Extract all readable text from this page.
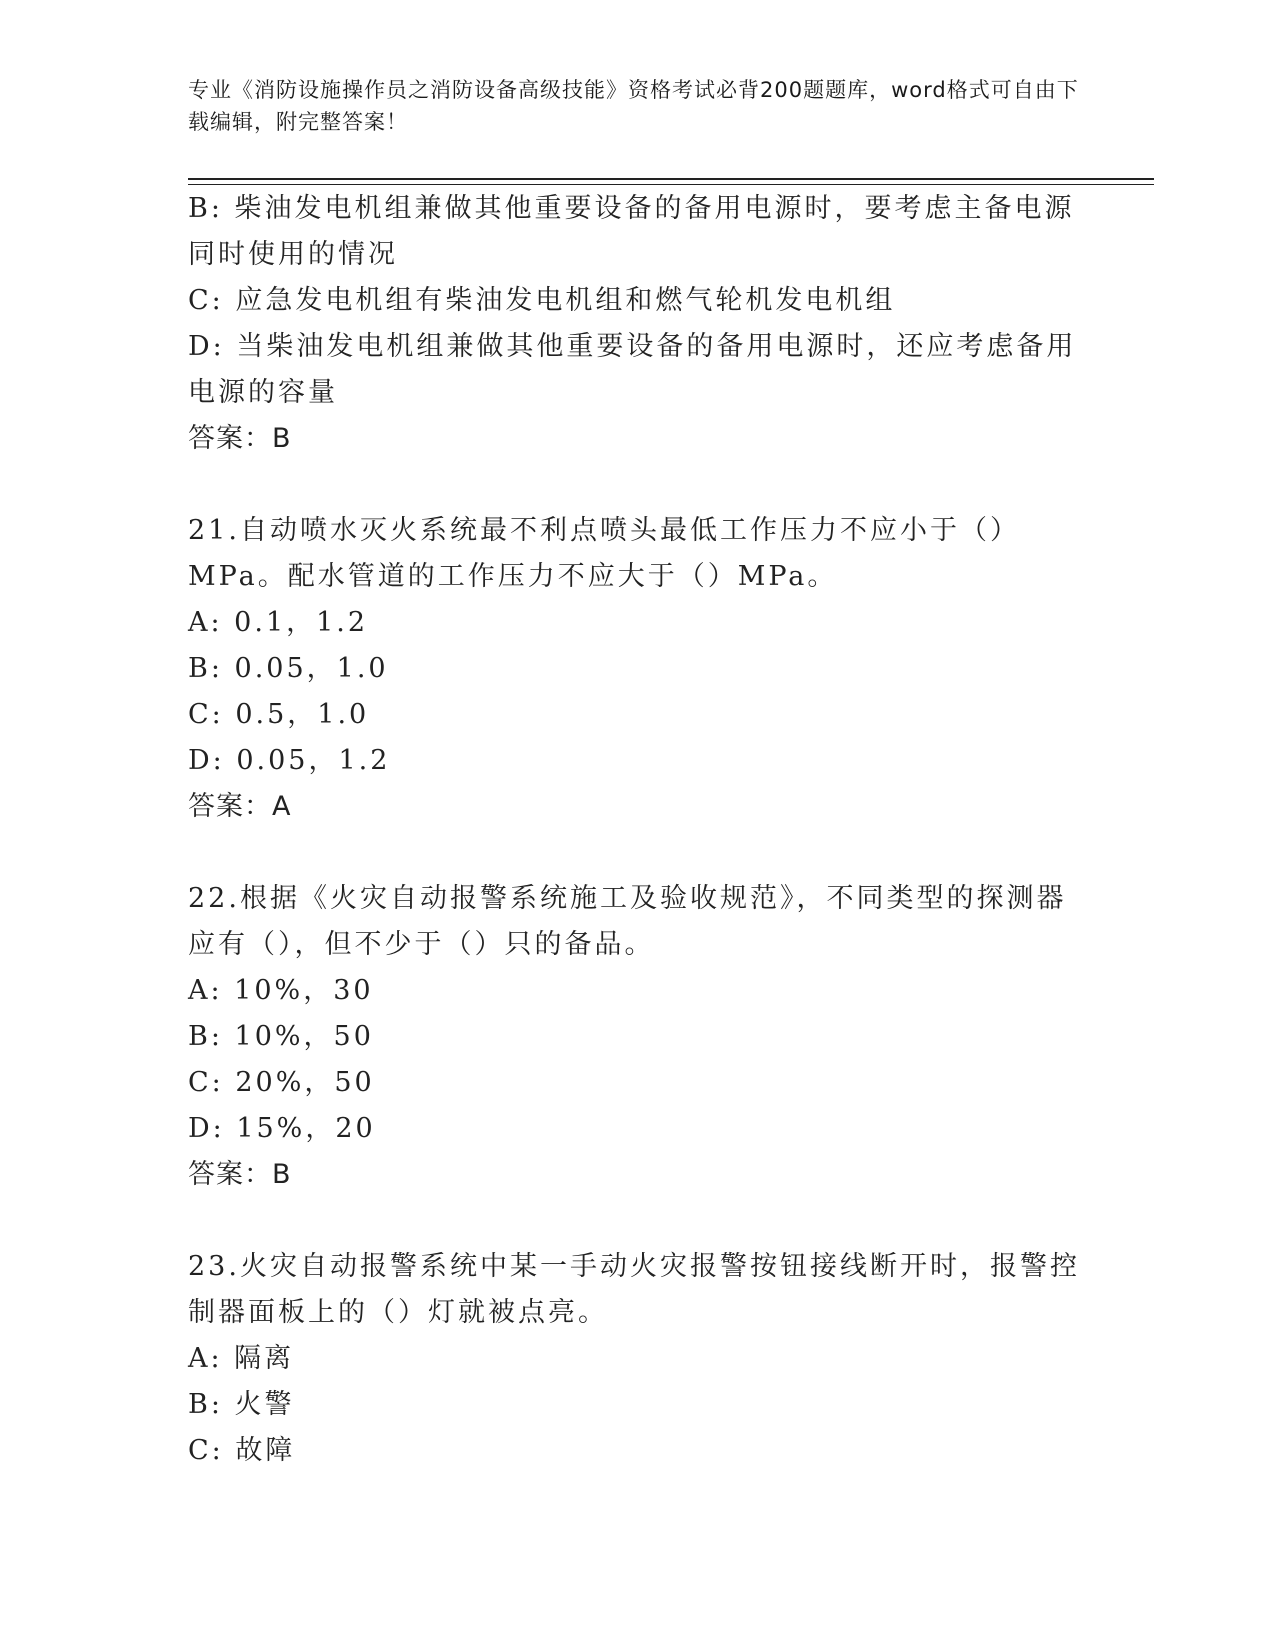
专业《消防设施操作员之消防设备高级技能》资格考试必背200题题库，word格式可自由下载编辑，附完整答案！

B: 柴油发电机组兼做其他重要设备的备用电源时，要考虑主备电源同时使用的情况

C: 应急发电机组有柴油发电机组和燃气轮机发电机组

D: 当柴油发电机组兼做其他重要设备的备用电源时，还应考虑备用电源的容量

答案：B

21.自动喷水灭火系统最不利点喷头最低工作压力不应小于（）MPa。配水管道的工作压力不应大于（）MPa。

A: 0.1，1.2

B: 0.05，1.0

C: 0.5，1.0

D: 0.05，1.2

答案：A

22.根据《火灾自动报警系统施工及验收规范》，不同类型的探测器应有（），但不少于（）只的备品。

A: 10%，30

B: 10%，50

C: 20%，50

D: 15%，20

答案：B

23.火灾自动报警系统中某一手动火灾报警按钮接线断开时，报警控制器面板上的（）灯就被点亮。

A: 隔离

B: 火警

C: 故障
